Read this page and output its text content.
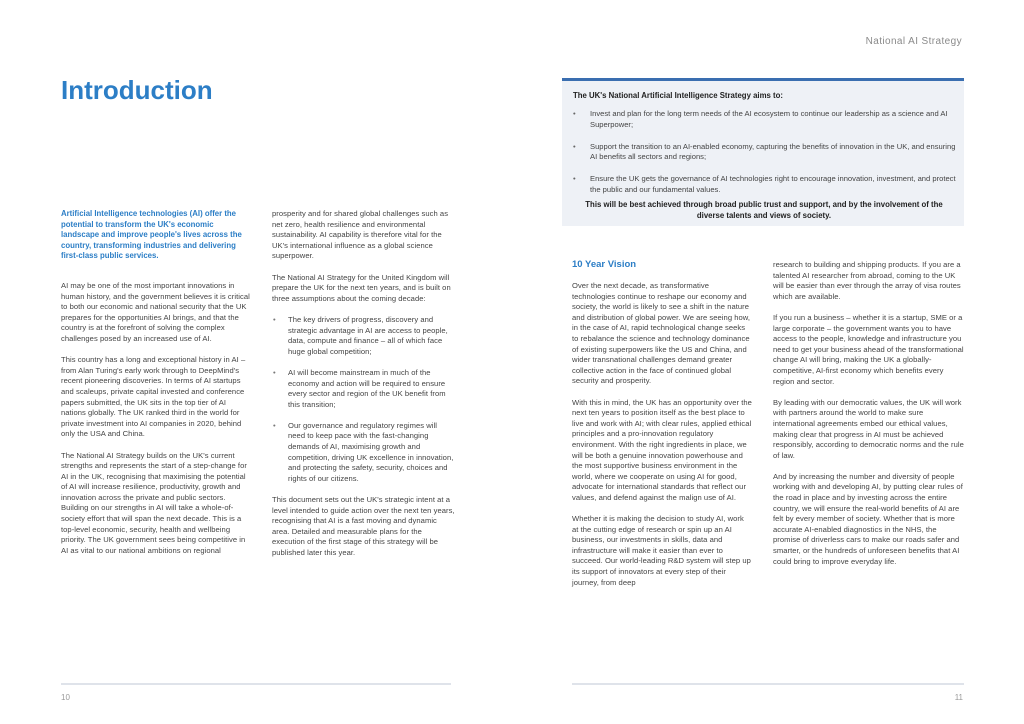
National AI Strategy
Introduction

Artificial Intelligence technologies (AI) offer the potential to transform the UK's economic landscape and improve people's lives across the country, transforming industries and delivering first-class public services.

AI may be one of the most important innovations in human history, and the government believes it is critical to both our economic and national security that the UK prepares for the opportunities AI brings, and that the country is at the forefront of solving the complex challenges posed by an increased use of AI.

This country has a long and exceptional history in AI – from Alan Turing's early work through to DeepMind's recent pioneering discoveries. In terms of AI startups and scaleups, private capital invested and conference papers submitted, the UK sits in the top tier of AI nations globally. The UK ranked third in the world for private investment into AI companies in 2020, behind only the USA and China.

The National AI Strategy builds on the UK's current strengths and represents the start of a step-change for AI in the UK, recognising that maximising the potential of AI will increase resilience, productivity, growth and innovation across the private and public sectors. Building on our strengths in AI will take a whole-of-society effort that will span the next decade. This is a top-level economic, security, health and wellbeing priority. The UK government sees being competitive in AI as vital to our national ambitions on regional

prosperity and for shared global challenges such as net zero, health resilience and environmental sustainability. AI capability is therefore vital for the UK's international influence as a global science superpower.

The National AI Strategy for the United Kingdom will prepare the UK for the next ten years, and is built on three assumptions about the coming decade:

• The key drivers of progress, discovery and strategic advantage in AI are access to people, data, compute and finance – all of which face huge global competition;
• AI will become mainstream in much of the economy and action will be required to ensure every sector and region of the UK benefit from this transition;
• Our governance and regulatory regimes will need to keep pace with the fast-changing demands of AI, maximising growth and competition, driving UK excellence in innovation, and protecting the safety, security, choices and rights of our citizens.

This document sets out the UK's strategic intent at a level intended to guide action over the next ten years, recognising that AI is a fast moving and dynamic area. Detailed and measurable plans for the execution of the first stage of this strategy will be published later this year.

10
The UK's National Artificial Intelligence Strategy aims to:
• Invest and plan for the long term needs of the AI ecosystem to continue our leadership as a science and AI Superpower;
• Support the transition to an AI-enabled economy, capturing the benefits of innovation in the UK, and ensuring AI benefits all sectors and regions;
• Ensure the UK gets the governance of AI technologies right to encourage innovation, investment, and protect the public and our fundamental values.
This will be best achieved through broad public trust and support, and by the involvement of the diverse talents and views of society.
10 Year Vision

Over the next decade, as transformative technologies continue to reshape our economy and society, the world is likely to see a shift in the nature and distribution of global power. We are seeing how, in the case of AI, rapid technological change seeks to rebalance the science and technology dominance of existing superpowers like the US and China, and wider transnational challenges demand greater collective action in the face of continued global security and prosperity.

With this in mind, the UK has an opportunity over the next ten years to position itself as the best place to live and work with AI; with clear rules, applied ethical principles and a pro-innovation regulatory environment. With the right ingredients in place, we will be both a genuine innovation powerhouse and the most supportive business environment in the world, where we cooperate on using AI for good, advocate for international standards that reflect our values, and defend against the malign use of AI.

Whether it is making the decision to study AI, work at the cutting edge of research or spin up an AI business, our investments in skills, data and infrastructure will make it easier than ever to succeed. Our world-leading R&D system will step up its support of innovators at every step of their journey, from deep

research to building and shipping products. If you are a talented AI researcher from abroad, coming to the UK will be easier than ever through the array of visa routes which are available.

If you run a business – whether it is a startup, SME or a large corporate – the government wants you to have access to the people, knowledge and infrastructure you need to get your business ahead of the transformational change AI will bring, making the UK a globally-competitive, AI-first economy which benefits every region and sector.

By leading with our democratic values, the UK will work with partners around the world to make sure international agreements embed our ethical values, making clear that progress in AI must be achieved responsibly, according to democratic norms and the rule of law.

And by increasing the number and diversity of people working with and developing AI, by putting clear rules of the road in place and by investing across the entire country, we will ensure the real-world benefits of AI are felt by every member of society. Whether that is more accurate AI-enabled diagnostics in the NHS, the promise of driverless cars to make our roads safer and smarter, or the hundreds of unforeseen benefits that AI could bring to improve everyday life.

11
